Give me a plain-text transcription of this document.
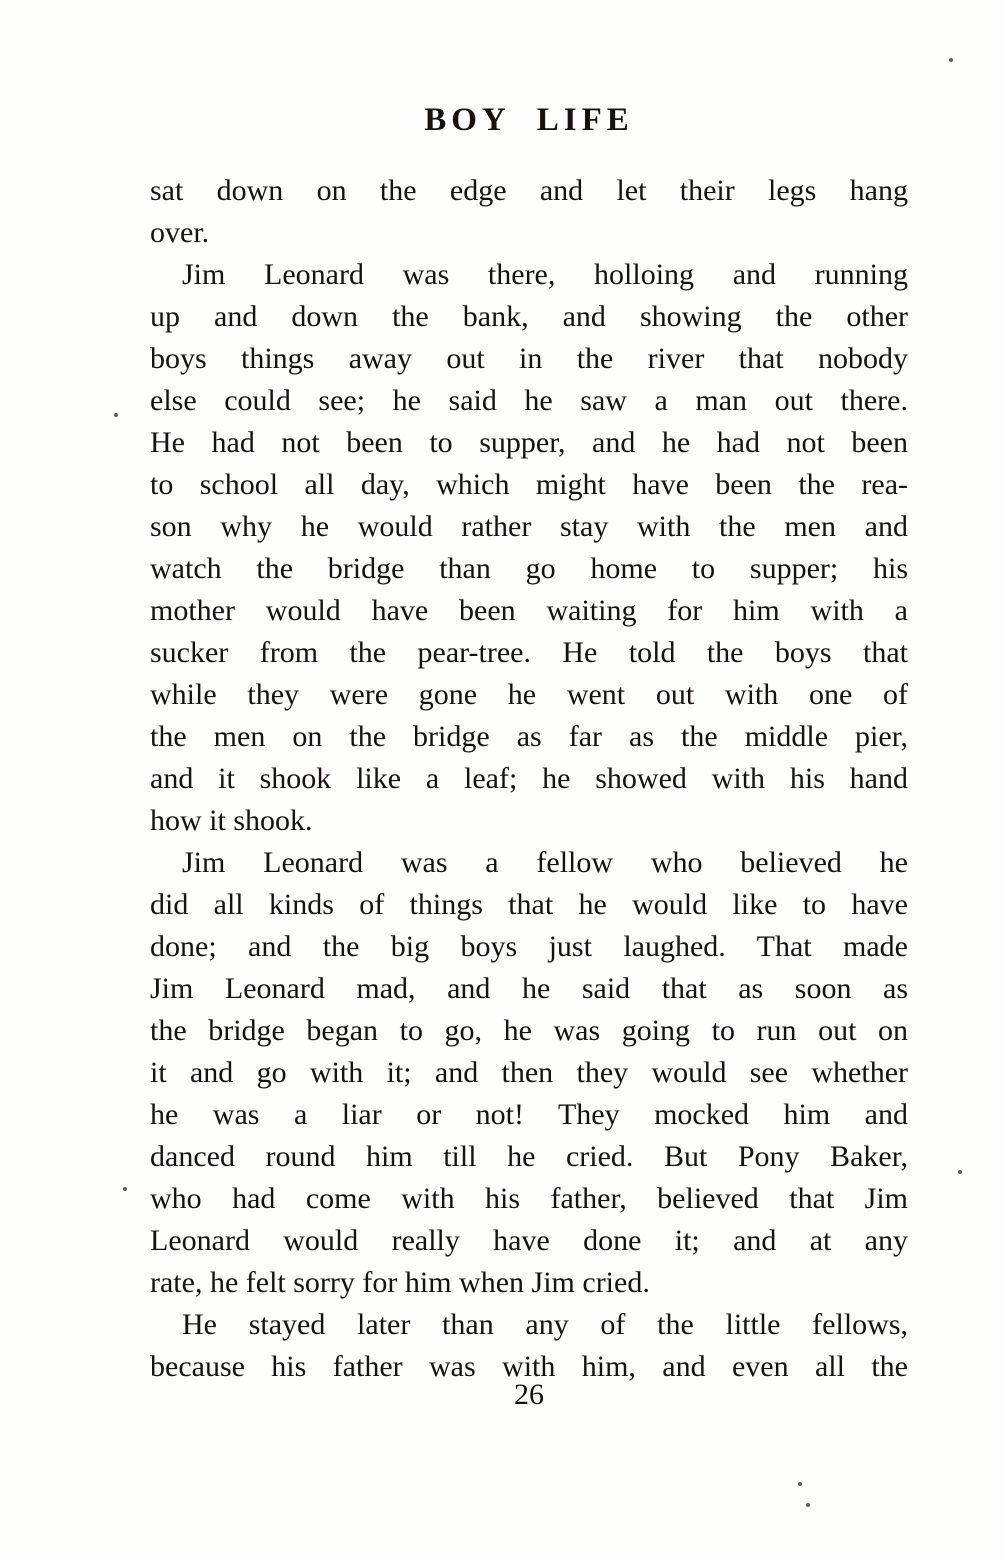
BOY LIFE
sat down on the edge and let their legs hang
over.
Jim Leonard was there, holloing and running
up and down the bank, and showing the other
boys things away out in the river that nobody
else could see; he said he saw a man out there.
He had not been to supper, and he had not been
to school all day, which might have been the rea-
son why he would rather stay with the men and
watch the bridge than go home to supper; his
mother would have been waiting for him with a
sucker from the pear-tree. He told the boys that
while they were gone he went out with one of
the men on the bridge as far as the middle pier,
and it shook like a leaf; he showed with his hand
how it shook.
Jim Leonard was a fellow who believed he
did all kinds of things that he would like to have
done; and the big boys just laughed. That made
Jim Leonard mad, and he said that as soon as
the bridge began to go, he was going to run out on
it and go with it; and then they would see whether
he was a liar or not! They mocked him and
danced round him till he cried. But Pony Baker,
who had come with his father, believed that Jim
Leonard would really have done it; and at any
rate, he felt sorry for him when Jim cried.
He stayed later than any of the little fellows,
because his father was with him, and even all the
26
